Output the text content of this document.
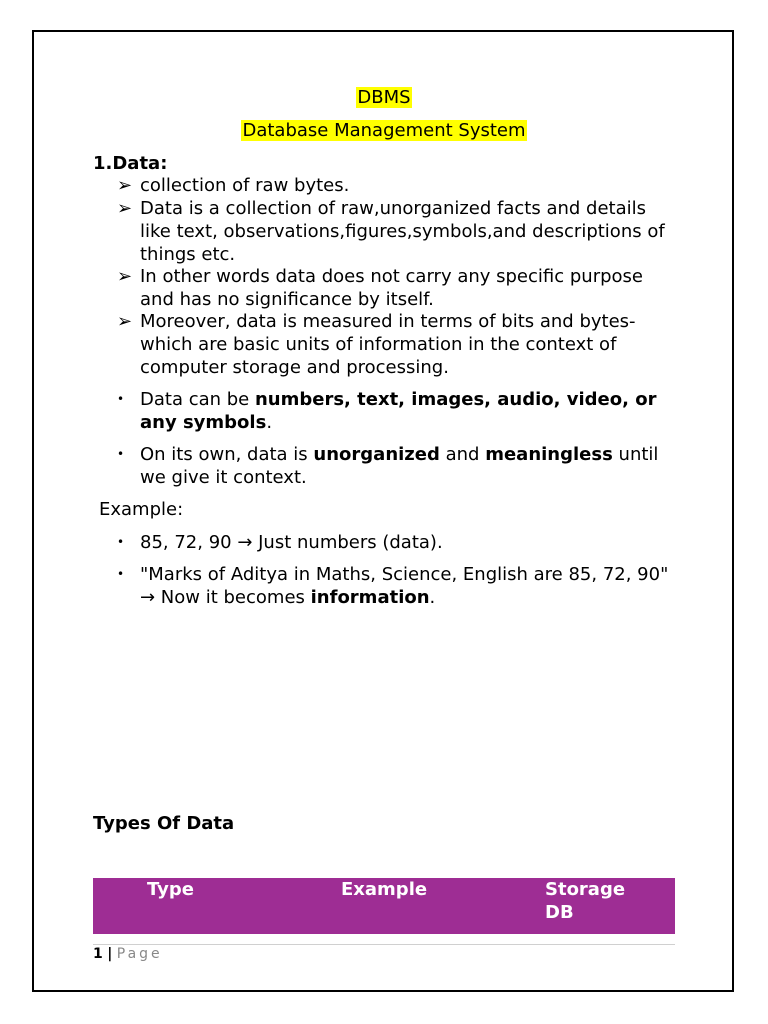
DBMS
Database Management System
1.Data:
➢ collection of raw bytes.
➢ Data is a collection of raw,unorganized facts and details like text, observations,figures,symbols,and descriptions of things etc.
➢ In other words data does not carry any specific purpose and has no significance by itself.
➢ Moreover, data is measured in terms of bits and bytes-which are basic units of information in the context of computer storage and processing.
• Data can be numbers, text, images, audio, video, or any symbols.
• On its own, data is unorganized and meaningless until we give it context.
Example:
• 85, 72, 90 → Just numbers (data).
• "Marks of Aditya in Maths, Science, English are 85, 72, 90" → Now it becomes information.
Types Of Data
Type	Example	Storage DB
1 | Page
